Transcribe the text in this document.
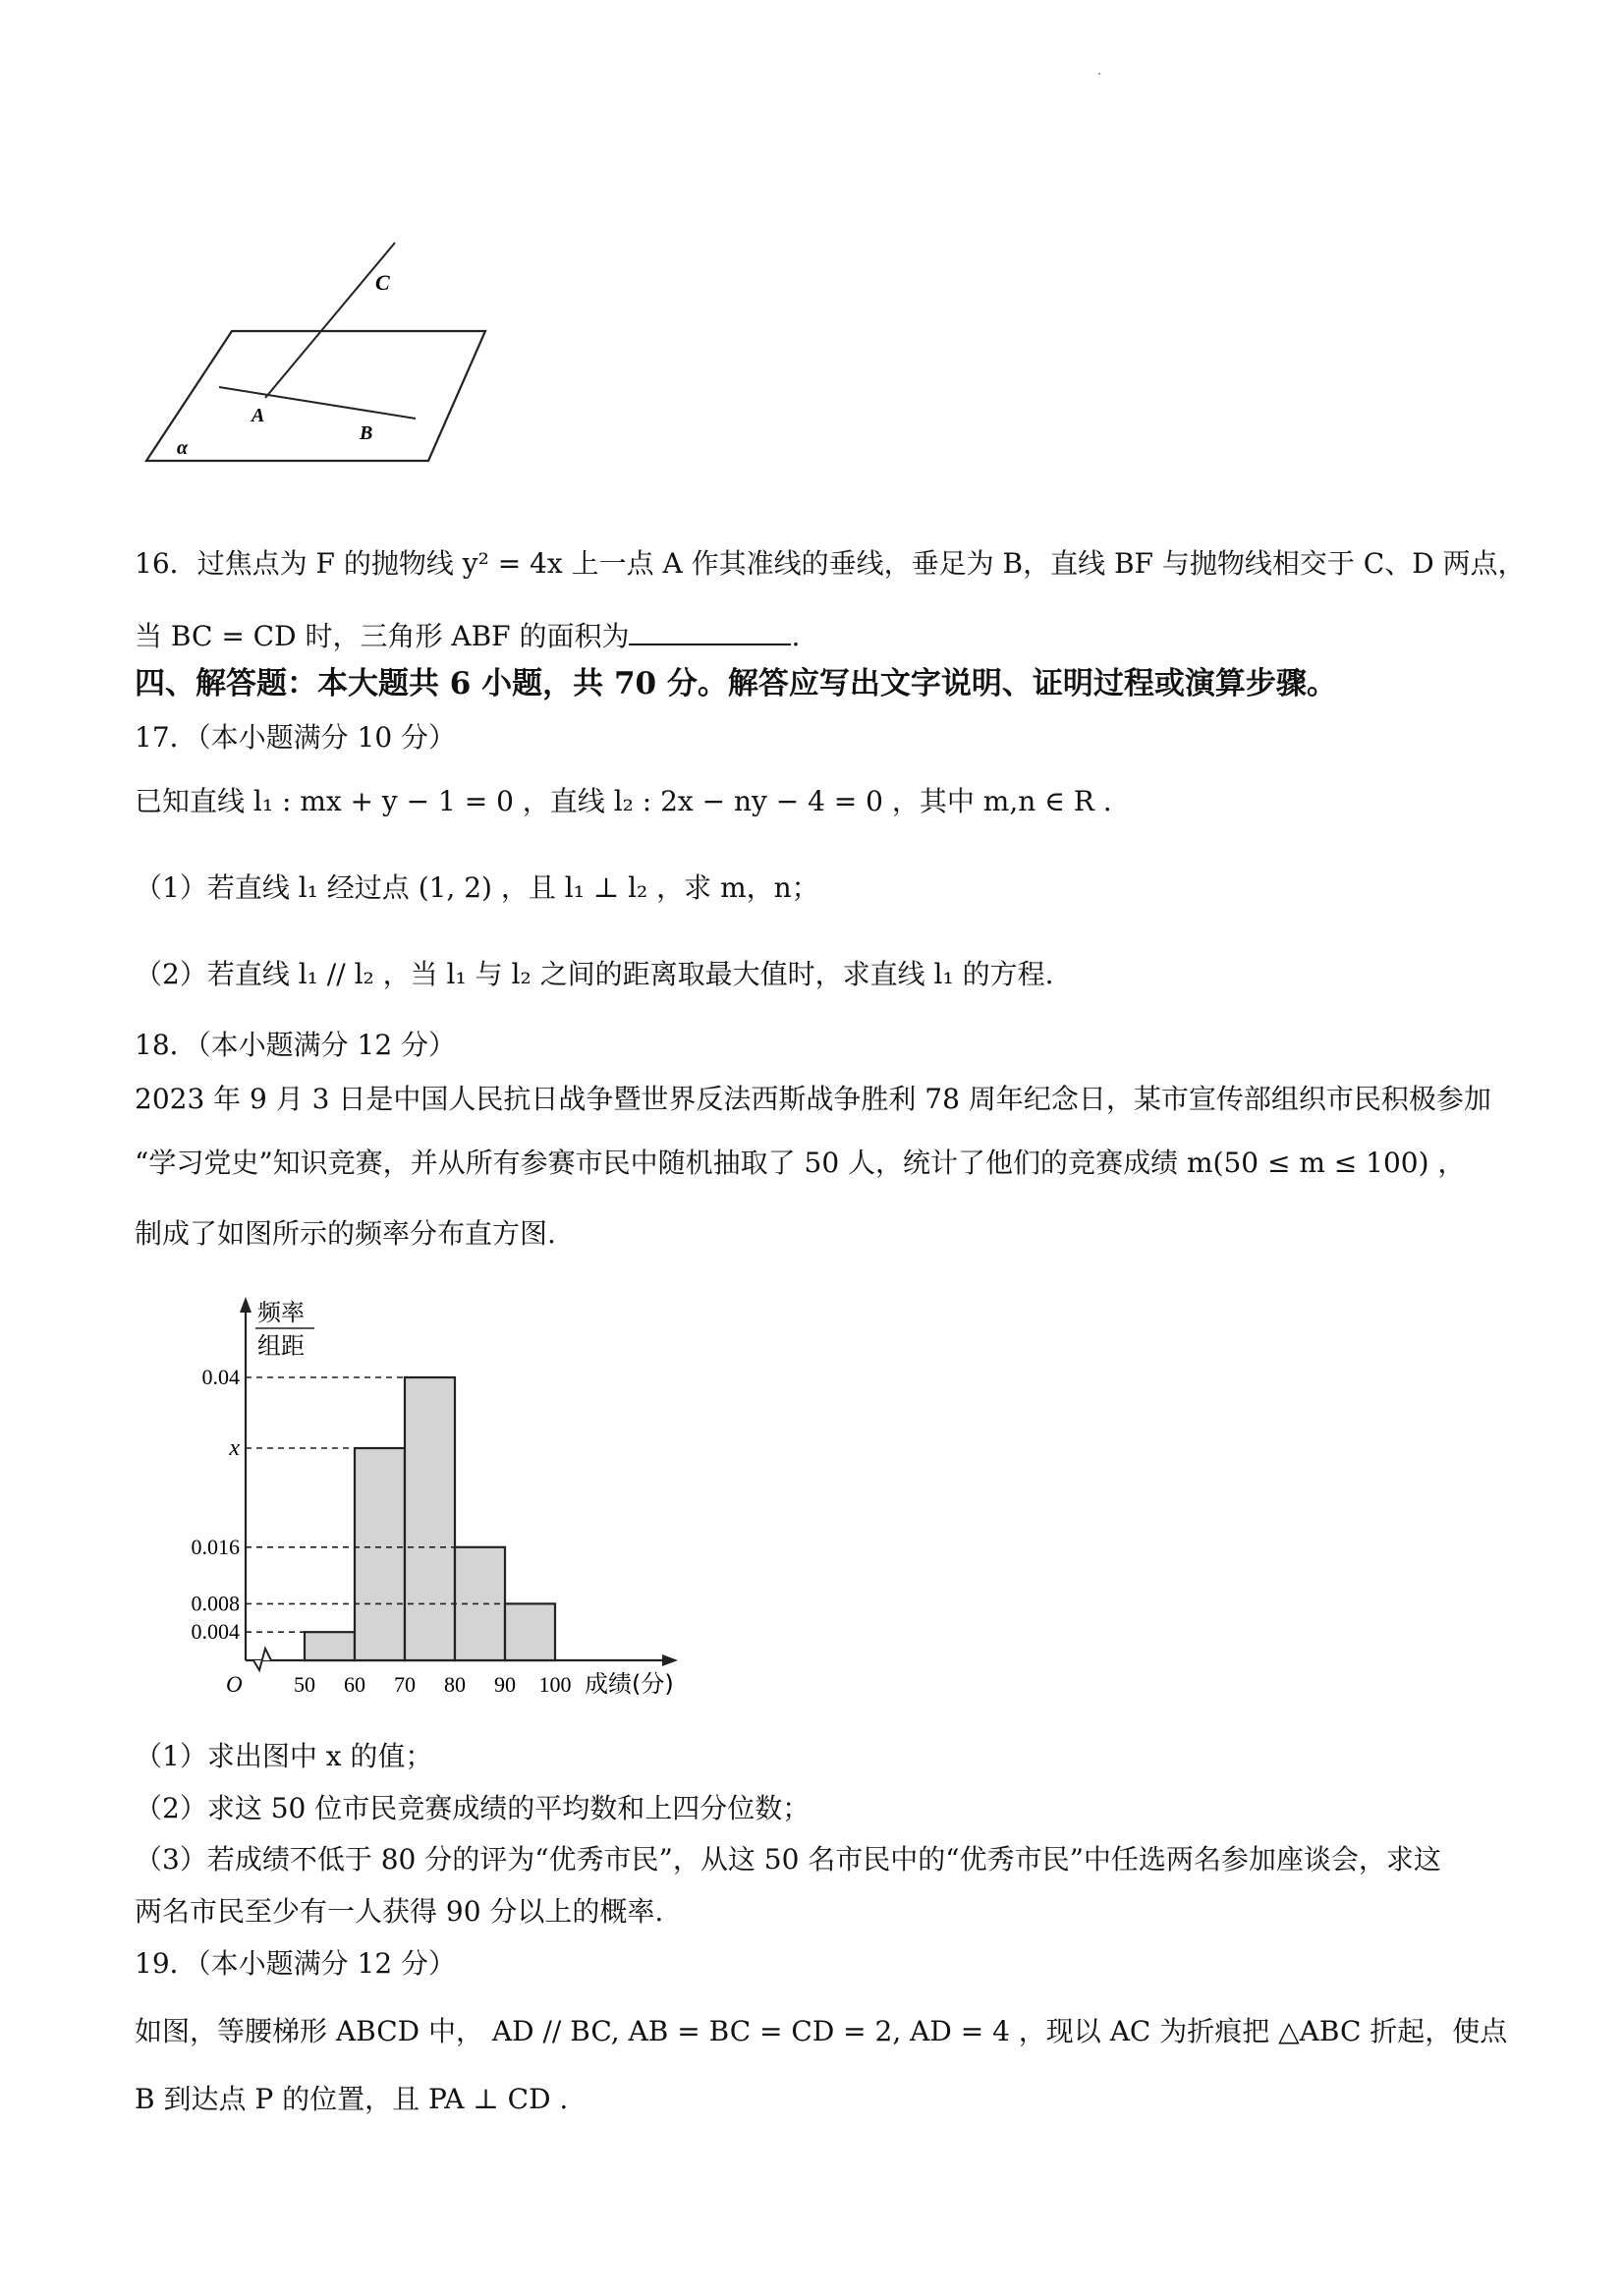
C
A
B
α
16．过焦点为 F 的抛物线 y² = 4x 上一点 A 作其准线的垂线，垂足为 B，直线 BF 与抛物线相交于 C、D 两点，
当 BC = CD 时，三角形 ABF 的面积为	.
四、解答题：本大题共 6 小题，共 70 分。解答应写出文字说明、证明过程或演算步骤。
17．（本小题满分 10 分）
已知直线 l₁ : mx + y − 1 = 0 ，直线 l₂ : 2x − ny − 4 = 0 ，其中 m,n ∈ R .
（1）若直线 l₁ 经过点 (1, 2) ，且 l₁ ⊥ l₂ ，求 m，n；
（2）若直线 l₁ // l₂ ，当 l₁ 与 l₂ 之间的距离取最大值时，求直线 l₁ 的方程.
18．（本小题满分 12 分）
2023 年 9 月 3 日是中国人民抗日战争暨世界反法西斯战争胜利 78 周年纪念日，某市宣传部组织市民积极参加
“学习党史”知识竞赛，并从所有参赛市民中随机抽取了 50 人，统计了他们的竞赛成绩 m(50 ≤ m ≤ 100) ，
制成了如图所示的频率分布直方图.
0.004
0.008
0.016
x
0.04
50 60 70 80 90 100
O	成绩(分)
频率
组距
（1）求出图中 x 的值；
（2）求这 50 位市民竞赛成绩的平均数和上四分位数；
（3）若成绩不低于 80 分的评为“优秀市民”，从这 50 名市民中的“优秀市民”中任选两名参加座谈会，求这
两名市民至少有一人获得 90 分以上的概率.
19．（本小题满分 12 分）
如图，等腰梯形 ABCD 中， AD // BC, AB = BC = CD = 2, AD = 4 ，现以 AC 为折痕把 △ABC 折起，使点
B 到达点 P 的位置，且 PA ⊥ CD .
